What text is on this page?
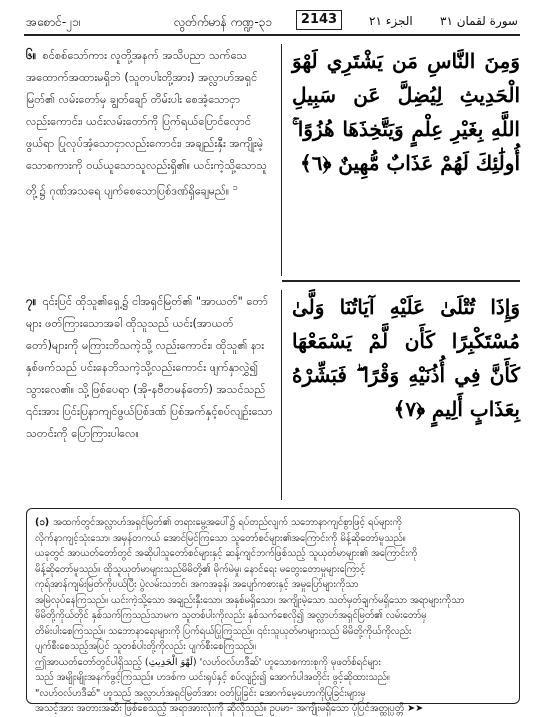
အစောင်-၂၁၊	လွတ်က်မာန် ကဏ္ဍ-၃၁	2143	الجزء ٢١ سورة لقمان ٣١
၆။ စင်စစ်သော်ကား လူတို့အနက် အသိပညာ သက်သေအထောက်အထားမရှိဘဲ (သူတပါးတို့အား) အလ္လာဟ်အရှင်မြတ်၏ လမ်းတော်မှ ချွတ်ချော် တိမ်းပါး စေအံ့သောငှာလည်းကောင်း၊ ယင်းလမ်းတော်ကို ပြက်ရယ်ပြောင်လှောင်ဖွယ်ရာ ပြုလုပ်အံ့သောငှာလည်းကောင်း၊ အချည်းနှီး အကျိုးမဲ့သောစကားကို ဝယ်ယူသောသူလည်းရှိ၏။ ယင်းကဲ့သို့သောသူတို့၌ ဂုဏ်အသရေ ပျက်စေသောပြစ်ဒဏ်ရှိချေမည်။ $^၁$
وَمِنَ النَّاسِ مَن يَشْتَرِي لَهْوَ الْحَدِيثِ لِيُضِلَّ عَن سَبِيلِ اللَّهِ بِغَيْرِ عِلْمٍ وَيَتَّخِذَهَا هُزُوًا ۚ أُولَٰئِكَ لَهُمْ عَذَابٌ مُّهِينٌ ﴿٦﴾
၇။ ၎င်းပြင် ထိုသူ၏ရှေ့၌ ငါအရှင်မြတ်၏ "အာယတ်" တော်များ ဖတ်ကြားသောအခါ ထိုသူသည် ယင်း(အာယတ်တော်)များကို မကြားဘိသကဲ့သို့ လည်းကောင်း၊ ထိုသူ၏ နားနှစ်ဖက်သည် ပင်းနေဘိသကဲ့သို့လည်းကောင်း ဖျက်နှာလွှဲ၍ သွားလေ၏။ သို့ဖြစ်ပေရာ (အို-နဗီတမန်တော်) အသင်သည် ၎င်းအား ပြင်းပြနာကျင်ဖွယ်ပြစ်ဒဏ် ပြစ်အက်နှင့်စပ်လျဉ်းသော သတင်းကို ပြောကြားပါလေ။
وَإِذَا تُتْلَىٰ عَلَيْهِ آيَاتُنَا وَلَّىٰ مُسْتَكْبِرًا كَأَن لَّمْ يَسْمَعْهَا كَأَنَّ فِي أُذُنَيْهِ وَقْرًا ۖ فَبَشِّرْهُ بِعَذَابٍ أَلِيمٍ ﴿٧﴾
(၁) အထက်တွင်အလ္လာဟ်အရှင်မြတ်၏ တရားမွေ့အပေါ်၌ ရပ်တည်လျက် သဘောနာကျင်စွာဖြင့် ရပ်များကို
လိုက်နာကျင့်သုံးသော၊ အမှန်တကယ် အောင်မြင်ကြသော သူတော်စင်များ၏အကြောင်းကို မိန့်ဆိုတော်မူသည်။
ယခုတွင် အာယတ်တော်တွင် အဆိုပါသူတော်စင်များနှင့် ဆန့်ကျင်ဘက်ဖြစ်သည့် သူယုတ်မာများ၏ အကြောင်းကို
မိန့်ဆိုတော်မူသည်။ ထိုသူယုတ်မာများသည်မိမိတို့၏ မိုက်မဲမှု၊ နောင်ရေး မတွေးတောမှုများကြောင့်
ကုရ်အာန်ကျမ်းမြတ်ကိုပယ်ပြီး ပွဲလမ်းသဘင်၊ အကအခုန်၊ အပျော်ကစားနှင့် အမှုပြော်များကိုသာ
အမြဲလုပ်နေကြသည်။ ယင်းကဲ့သို့သော အချည်းနှီးသော၊ အနှစ်မရှိသော၊ အကျိုးမဲ့သော သတ်မှတ်ချက်မရှိသော အရာများကိုသာ
မိမိတို့ကိုယ်တိုင် နှစ်သက်ကြသည်သာမက သူတစ်ပါးကိုလည်း နှစ်သက်စေလို၍ အလ္လာဟ်အရှင်မြတ်၏ လမ်းတော်မှ
တိမ်းပါးစေကြသည်။ သဘောနာရေးများကို ပြက်ရယ်ပြုကြသည်။ ၎င်းသူယုတ်မာများသည် မိမိတို့ကိုယ်ကိုလည်း
ပျက်စီးစေသည့်အပြင် သူတစ်ပါးတို့ကိုလည်း ပျက်စီးစေကြသည်။
ဤအာယတ်တော်တွင်ပါရှိသည့် (لَهْوَ الْحَدِيثِ) 'လဟ်ဝလ်ဟဒီဆ်' ဟူသောစကားစုကို မုဖတ်စ်ရင်များ
သည် အမျိုးမျိုးအနက်ဖွင့်ကြသည်။ ဟဒစ်က ယင်းရုပ်နှင့် စပ်လျဉ်း၍ အောက်ပါအတိုင်း ဖွင့်ဆိုထားသည်။
"လဟ်ဝလ်ဟဒီဆ်" ဟူသည် အလ္လာဟ်အရှင်မြတ်အား ဝတ်ပြုခြင်း အောက်မေ့ဟောကိုပြုခြင်းများမှ
အသင့်အား အတားအဆီး ဖြစ်စေသည့် အရာအားလုံးကို ဆိုလိုသည်။ ဥပမာ- အကျိုးမရှိသော ပုံပြင်အတ္ထုပ္ပတ္တိ ➤➤
